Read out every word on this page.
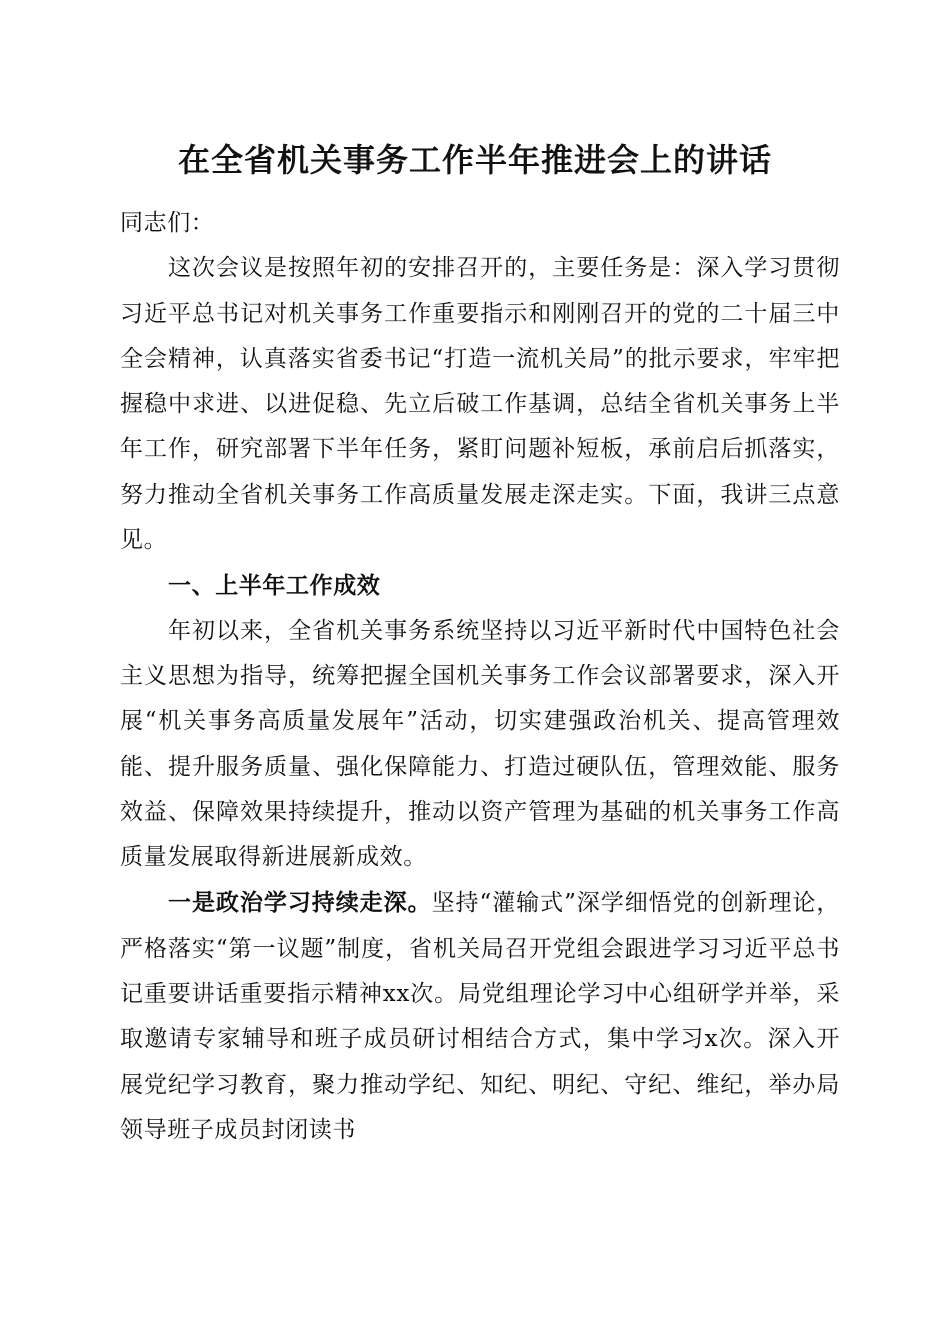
在全省机关事务工作半年推进会上的讲话

同志们：

这次会议是按照年初的安排召开的，主要任务是：深入学习贯彻习近平总书记对机关事务工作重要指示和刚刚召开的党的二十届三中全会精神，认真落实省委书记“打造一流机关局”的批示要求，牢牢把握稳中求进、以进促稳、先立后破工作基调，总结全省机关事务上半年工作，研究部署下半年任务，紧盯问题补短板，承前启后抓落实，努力推动全省机关事务工作高质量发展走深走实。下面，我讲三点意见。

一、上半年工作成效

年初以来，全省机关事务系统坚持以习近平新时代中国特色社会主义思想为指导，统筹把握全国机关事务工作会议部署要求，深入开展“机关事务高质量发展年”活动，切实建强政治机关、提高管理效能、提升服务质量、强化保障能力、打造过硬队伍，管理效能、服务效益、保障效果持续提升，推动以资产管理为基础的机关事务工作高质量发展取得新进展新成效。

一是政治学习持续走深。坚持“灌输式”深学细悟党的创新理论，严格落实“第一议题”制度，省机关局召开党组会跟进学习习近平总书记重要讲话重要指示精神xx次。局党组理论学习中心组研学并举，采取邀请专家辅导和班子成员研讨相结合方式，集中学习x次。深入开展党纪学习教育，聚力推动学纪、知纪、明纪、守纪、维纪，举办局领导班子成员封闭读书
